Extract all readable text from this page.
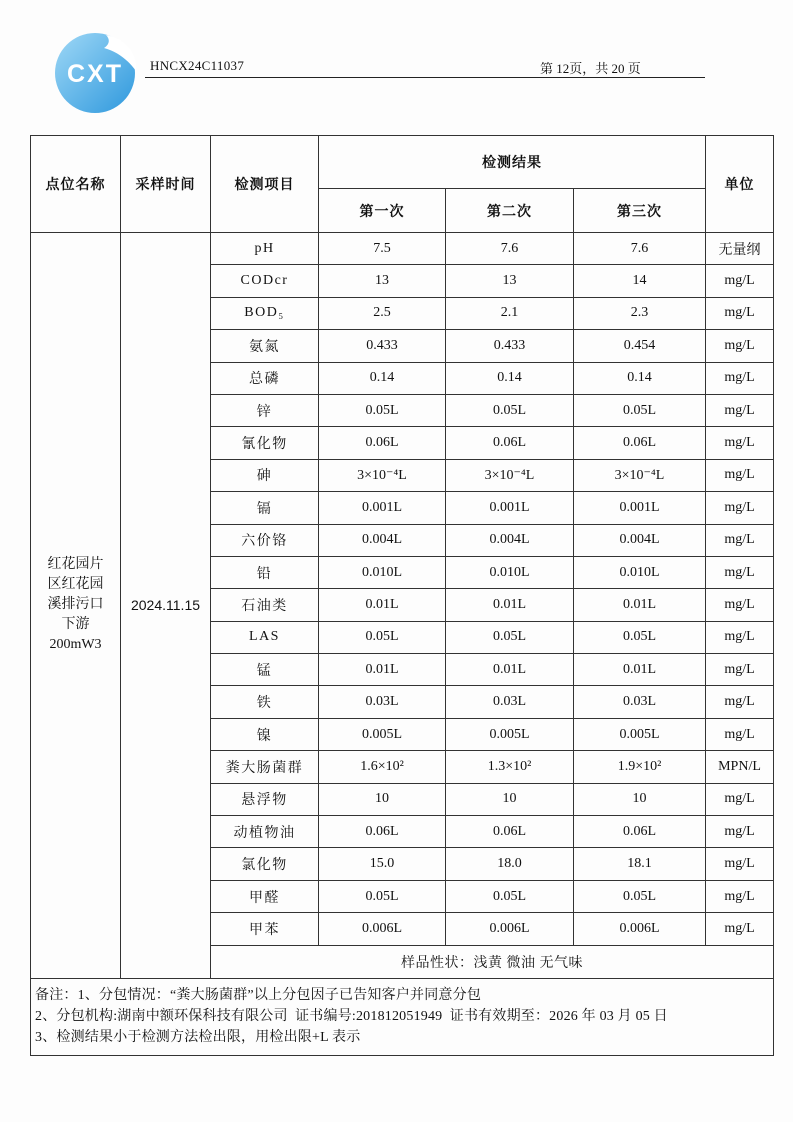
CXT HNCX24C11037	第 12页，共 20 页
点位名称	采样时间	检测项目	检测结果			单位
			第一次	第二次	第三次	

红花园片
区红花园
溪排污口
下游
200mW3	2024.11.15	pH	7.5	7.6	7.6	无量纲
		CODcr	13	13	14	mg/L
		BOD₅	2.5	2.1	2.3	mg/L
		氨氮	0.433	0.433	0.454	mg/L
		总磷	0.14	0.14	0.14	mg/L
		锌	0.05L	0.05L	0.05L	mg/L
		氰化物	0.06L	0.06L	0.06L	mg/L
		砷	3×10⁻⁴L	3×10⁻⁴L	3×10⁻⁴L	mg/L
		镉	0.001L	0.001L	0.001L	mg/L
		六价铬	0.004L	0.004L	0.004L	mg/L
		铅	0.010L	0.010L	0.010L	mg/L
		石油类	0.01L	0.01L	0.01L	mg/L
		LAS	0.05L	0.05L	0.05L	mg/L
		锰	0.01L	0.01L	0.01L	mg/L
		铁	0.03L	0.03L	0.03L	mg/L
		镍	0.005L	0.005L	0.005L	mg/L
		粪大肠菌群	1.6×10²	1.3×10²	1.9×10²	MPN/L
		悬浮物	10	10	10	mg/L
		动植物油	0.06L	0.06L	0.06L	mg/L
		氯化物	15.0	18.0	18.1	mg/L
		甲醛	0.05L	0.05L	0.05L	mg/L
		甲苯	0.006L	0.006L	0.006L	mg/L
		样品性状：浅黄 微油 无气味				

备注：1、分包情况：“粪大肠菌群”以上分包因子已告知客户并同意分包
2、分包机构:湖南中额环保科技有限公司  证书编号:201812051949  证书有效期至：2026 年 03 月 05 日
3、检测结果小于检测方法检出限，用检出限+L 表示						
